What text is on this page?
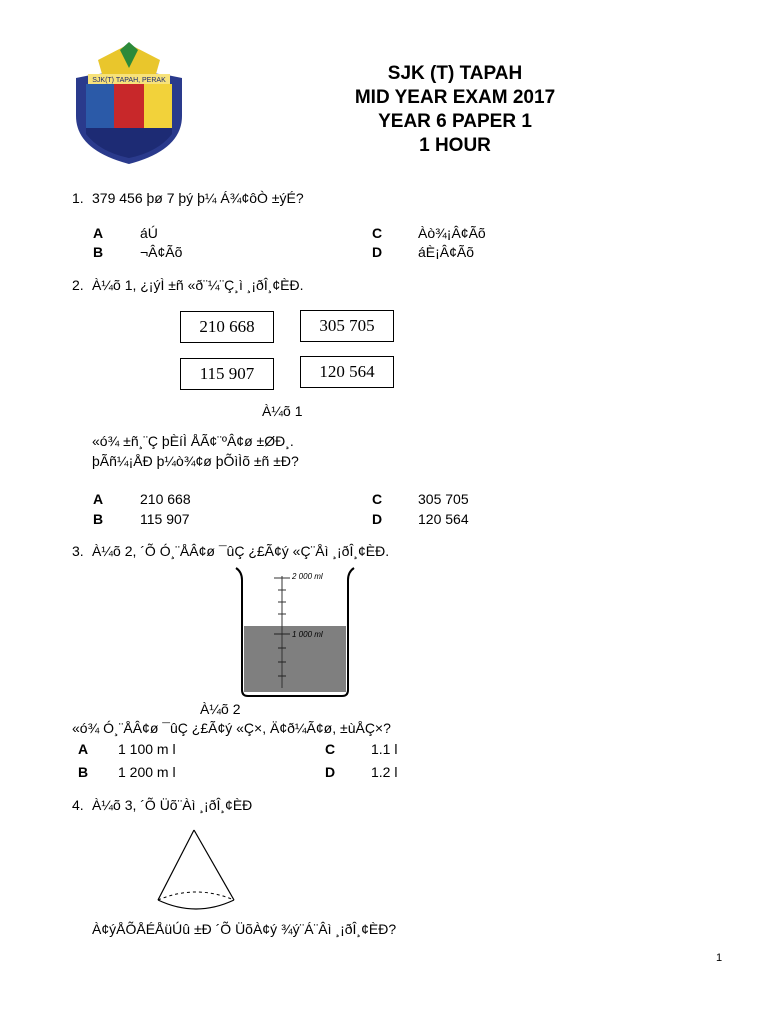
SJK(T) TAPAH, PERAK	SJK (T) TAPAH
MID YEAR EXAM 2017
YEAR 6 PAPER 1
1 HOUR
1. 379 456 þø 7 þý þ¼ Á¾¢ôÒ ±ýÉ?
A	áÚ
B	¬Â¢Ãõ
C	Àò¾¡Â¢Ãõ
D	áÈ¡Â¢Ãõ
2. À¼õ 1, ¿¡ýÌ ±ñ «ð¨¼¨Ç¸ì ¸¡ðÎ¸¢ÈÐ.
210 668	305 705
115 907	120 564
À¼õ 1
«ó¾ ±ñ¸¨Ç þÈíÌ ÅÃ¢¨ºÂ¢ø ±ØÐ¸.
þÃñ¼¡ÅÐ þ¼ò¾¢ø þÕìÌõ ±ñ ±Ð?
A	210 668
B	115 907
C	305 705
D	120 564
3. À¼õ 2, ´Õ Ó¸¨ÅÂ¢ø ¯ûÇ ¿£Ã¢ý «Ç¨Åì ¸¡ðÎ¸¢ÈÐ.
2 000 ml
1 000 ml
À¼õ 2
«ó¾ Ó¸¨ÅÂ¢ø ¯ûÇ ¿£Ã¢ý «Ç×, Ä¢ð¼Ã¢ø, ±ùÅÇ×?
A 1 100 m l
B 1 200 m l
C	1.1 l
D	1.2 l
4. À¼õ 3, ´Õ Üõ¨Àì ¸¡ðÎ¸¢ÈÐ
À¢ýÅÕÅÉÅüÚû ±Ð ´Õ ÜõÀ¢ý ¾ý¨Á¨Âì ¸¡ðÎ¸¢ÈÐ?
1
